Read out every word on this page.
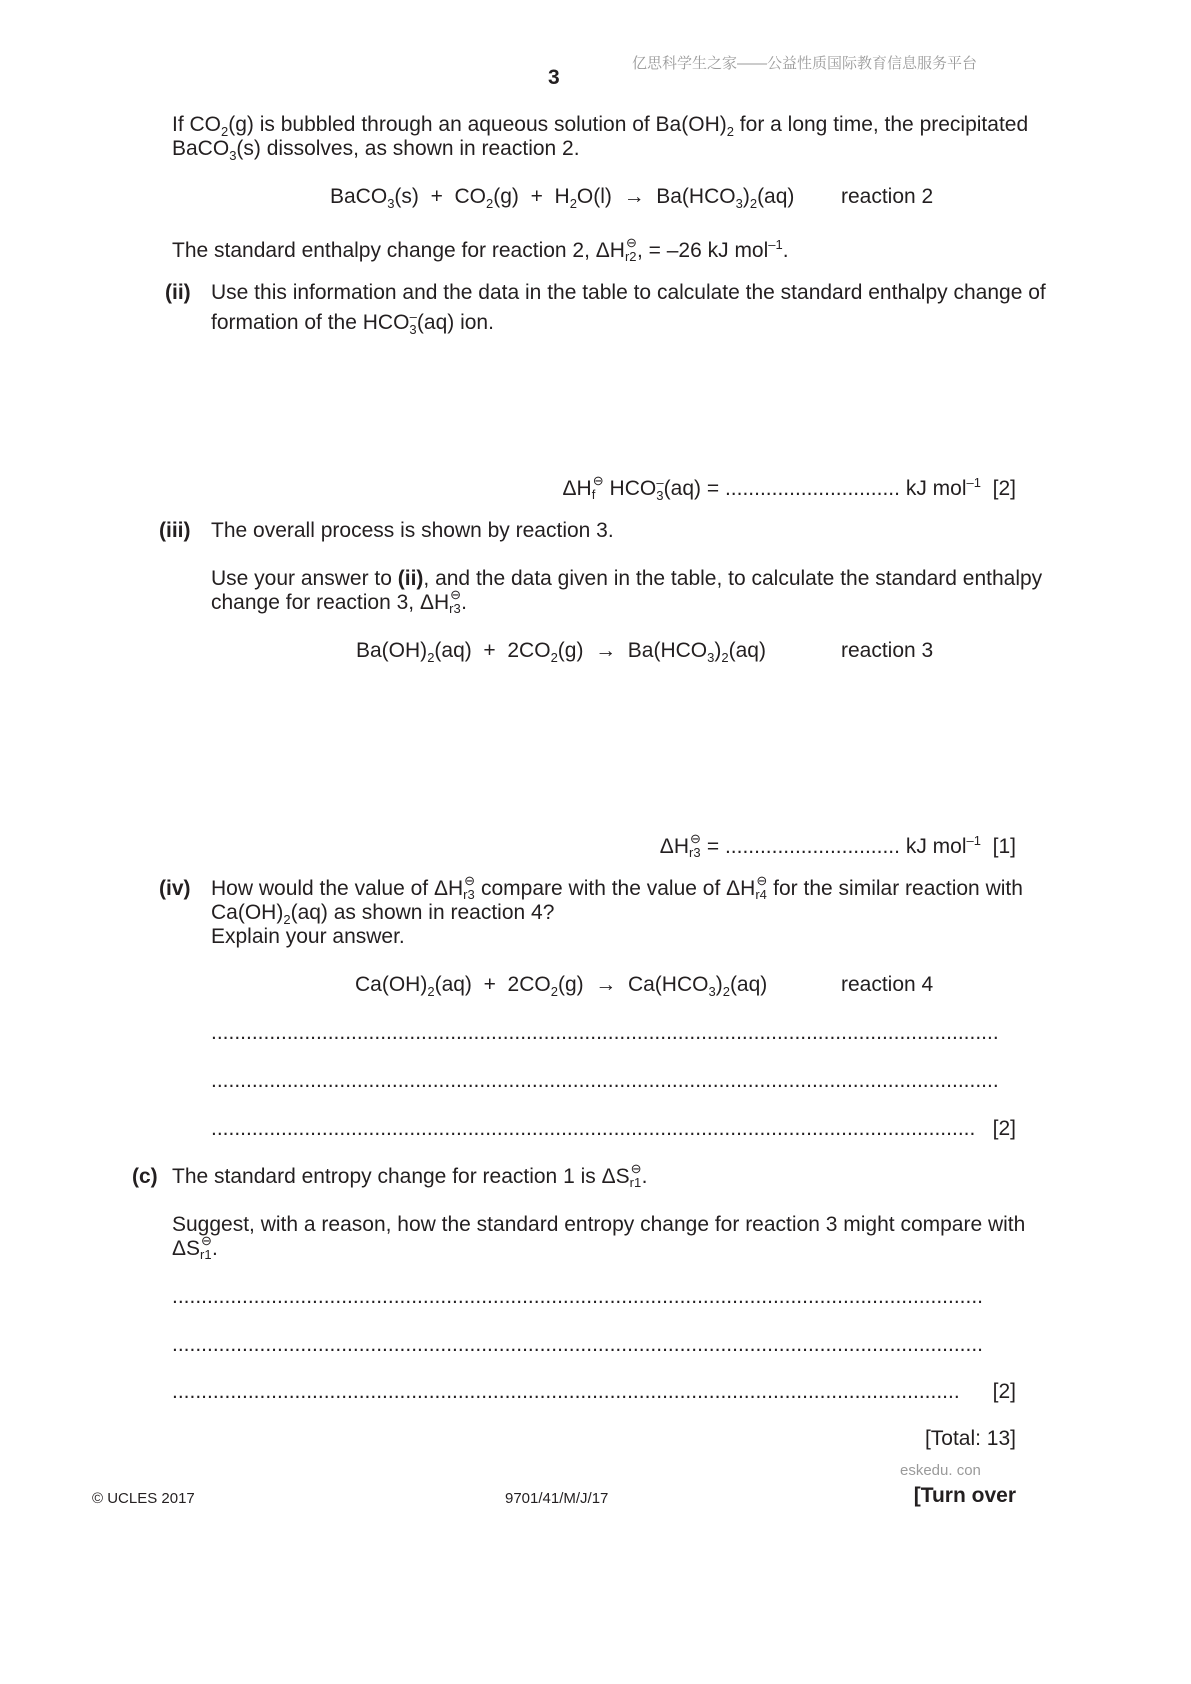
亿思科学生之家——公益性质国际教育信息服务平台
3
If $CO_2(g)$ is bubbled through an aqueous solution of $Ba(OH)_2$ for a long time, the precipitated
BaCO$_3$(s) dissolves, as shown in reaction 2.
BaCO$_3$(s)  +  $CO_2(g) + H_2O(l) \to Ba(HCO_3)_2(aq)$ reaction 2
The standard enthalpy change for reaction 2, ΔH ⊖
r2 , = –26 kJ mol$^{-1}$.
(ii) Use this information and the data in the table to calculate the standard enthalpy change of
formation of the $HCO_3^-(aq)$ ion.
ΔH ⊖
f $HCO_3^-(aq)$ = .............................. kJ mol$^{-1}$ [2]
(iii) The overall process is shown by reaction 3.
Use your answer to (ii), and the data given in the table, to calculate the standard enthalpy
change for reaction 3, ΔH ⊖
r3 .
$Ba(OH)_2(aq) + 2CO_2(g) \to Ba(HCO_3)_2(aq)$	reaction 3
ΔH ⊖
r3 = .............................. kJ mol$^{-1}$ [1]
(iv) How would the value of ΔH ⊖
r3 compare with the value of ΔH ⊖
r4 for the similar reaction with
$Ca(OH)_2(aq)$ as shown in reaction 4?
Explain your answer.
$Ca(OH)_2(aq) + 2CO_2(g) \to Ca(HCO_3)_2(aq)$	reaction 4
.......................................................................................................................................
.......................................................................................................................................
................................................................................................................................... [2]
(c) The standard entropy change for reaction 1 is ΔS ⊖
r1 .
Suggest, with a reason, how the standard entropy change for reaction 3 might compare with
ΔS ⊖
r1 .
...........................................................................................................................................
...........................................................................................................................................
.......................................................................................................................................	[2]
[Total: 13]
eskedu. con
© UCLES 2017	9701/41/M/J/17	[Turn over
